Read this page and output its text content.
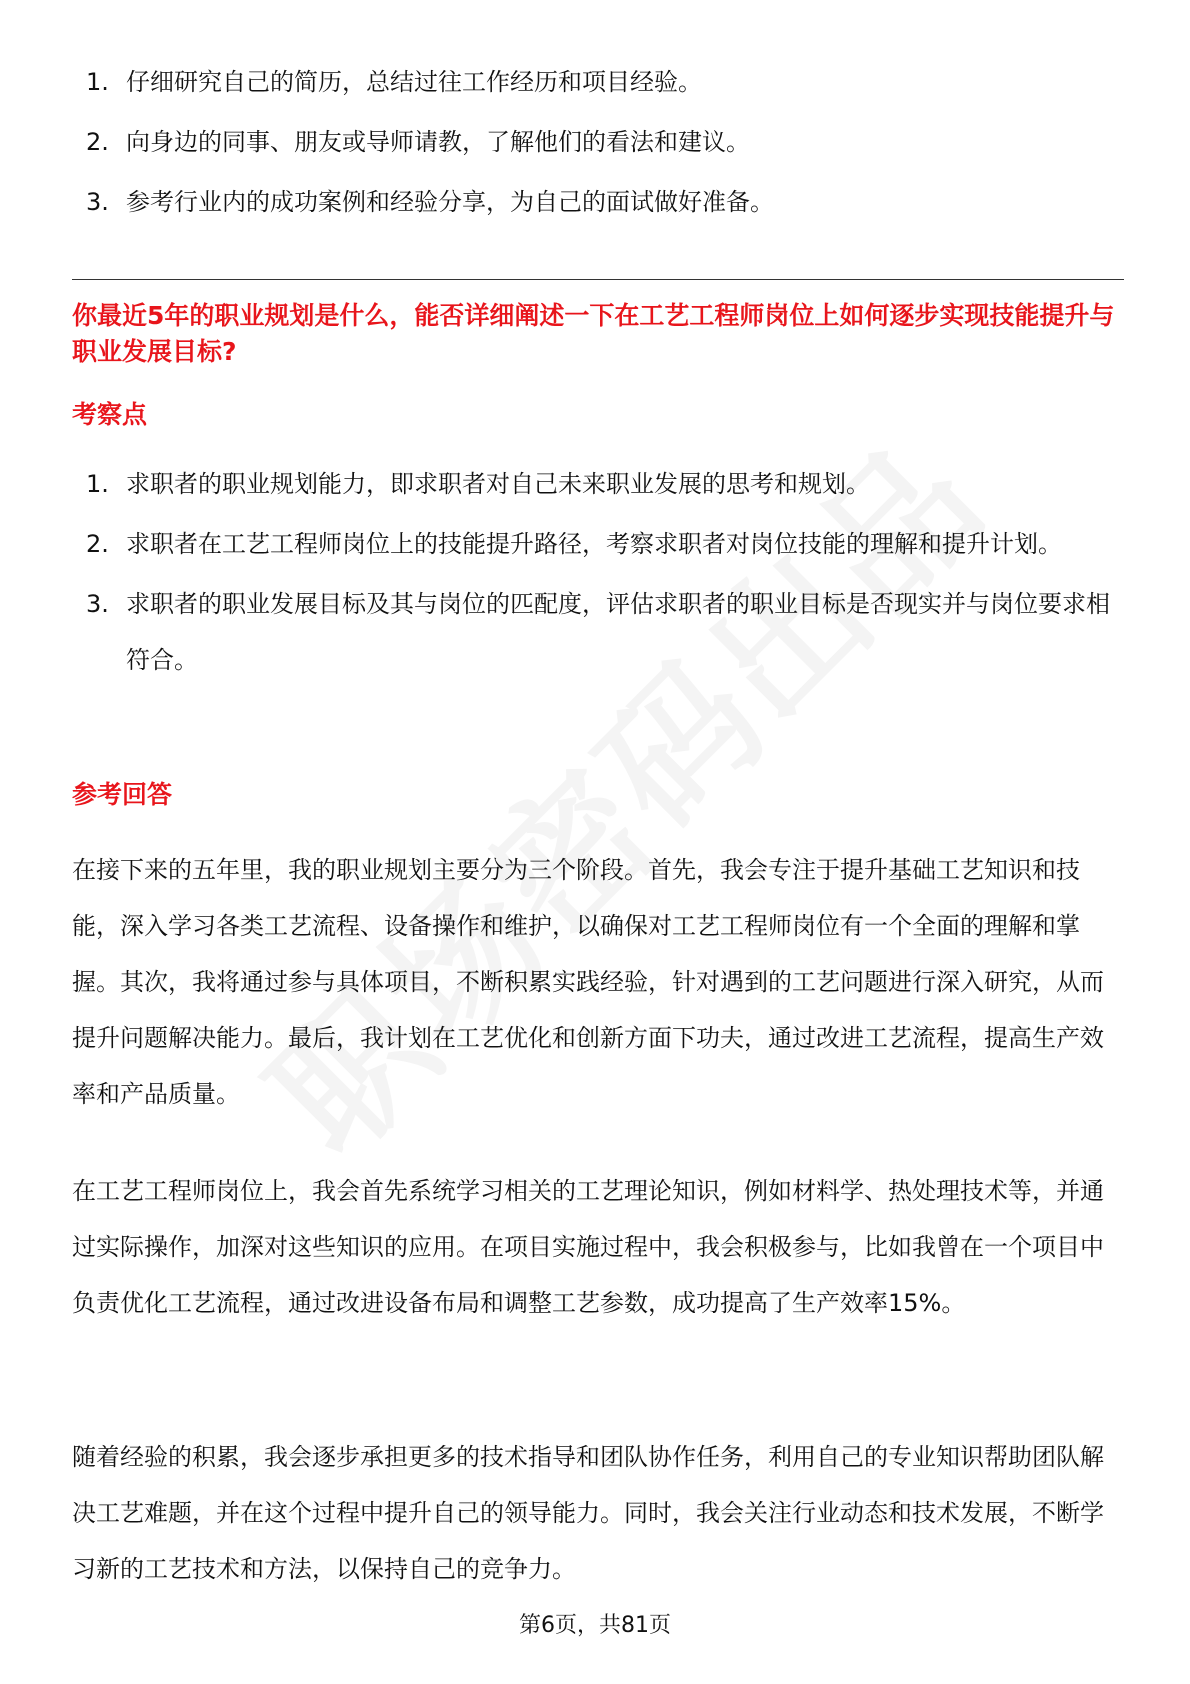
1. 仔细研究自己的简历，总结过往工作经历和项目经验。
2. 向身边的同事、朋友或导师请教，了解他们的看法和建议。
3. 参考行业内的成功案例和经验分享，为自己的面试做好准备。
你最近5年的职业规划是什么，能否详细阐述一下在工艺工程师岗位上如何逐步实现技能提升与职业发展目标?
考察点
1. 求职者的职业规划能力，即求职者对自己未来职业发展的思考和规划。
2. 求职者在工艺工程师岗位上的技能提升路径，考察求职者对岗位技能的理解和提升计划。
3. 求职者的职业发展目标及其与岗位的匹配度，评估求职者的职业目标是否现实并与岗位要求相符合。
参考回答

在接下来的五年里，我的职业规划主要分为三个阶段。首先，我会专注于提升基础工艺知识和技能，深入学习各类工艺流程、设备操作和维护，以确保对工艺工程师岗位有一个全面的理解和掌握。其次，我将通过参与具体项目，不断积累实践经验，针对遇到的工艺问题进行深入研究，从而提升问题解决能力。最后，我计划在工艺优化和创新方面下功夫，通过改进工艺流程，提高生产效率和产品质量。

在工艺工程师岗位上，我会首先系统学习相关的工艺理论知识，例如材料学、热处理技术等，并通过实际操作，加深对这些知识的应用。在项目实施过程中，我会积极参与，比如我曾在一个项目中负责优化工艺流程，通过改进设备布局和调整工艺参数，成功提高了生产效率15%。

随着经验的积累，我会逐步承担更多的技术指导和团队协作任务，利用自己的专业知识帮助团队解决工艺难题，并在这个过程中提升自己的领导能力。同时，我会关注行业动态和技术发展，不断学习新的工艺技术和方法，以保持自己的竞争力。

第6页，共81页
